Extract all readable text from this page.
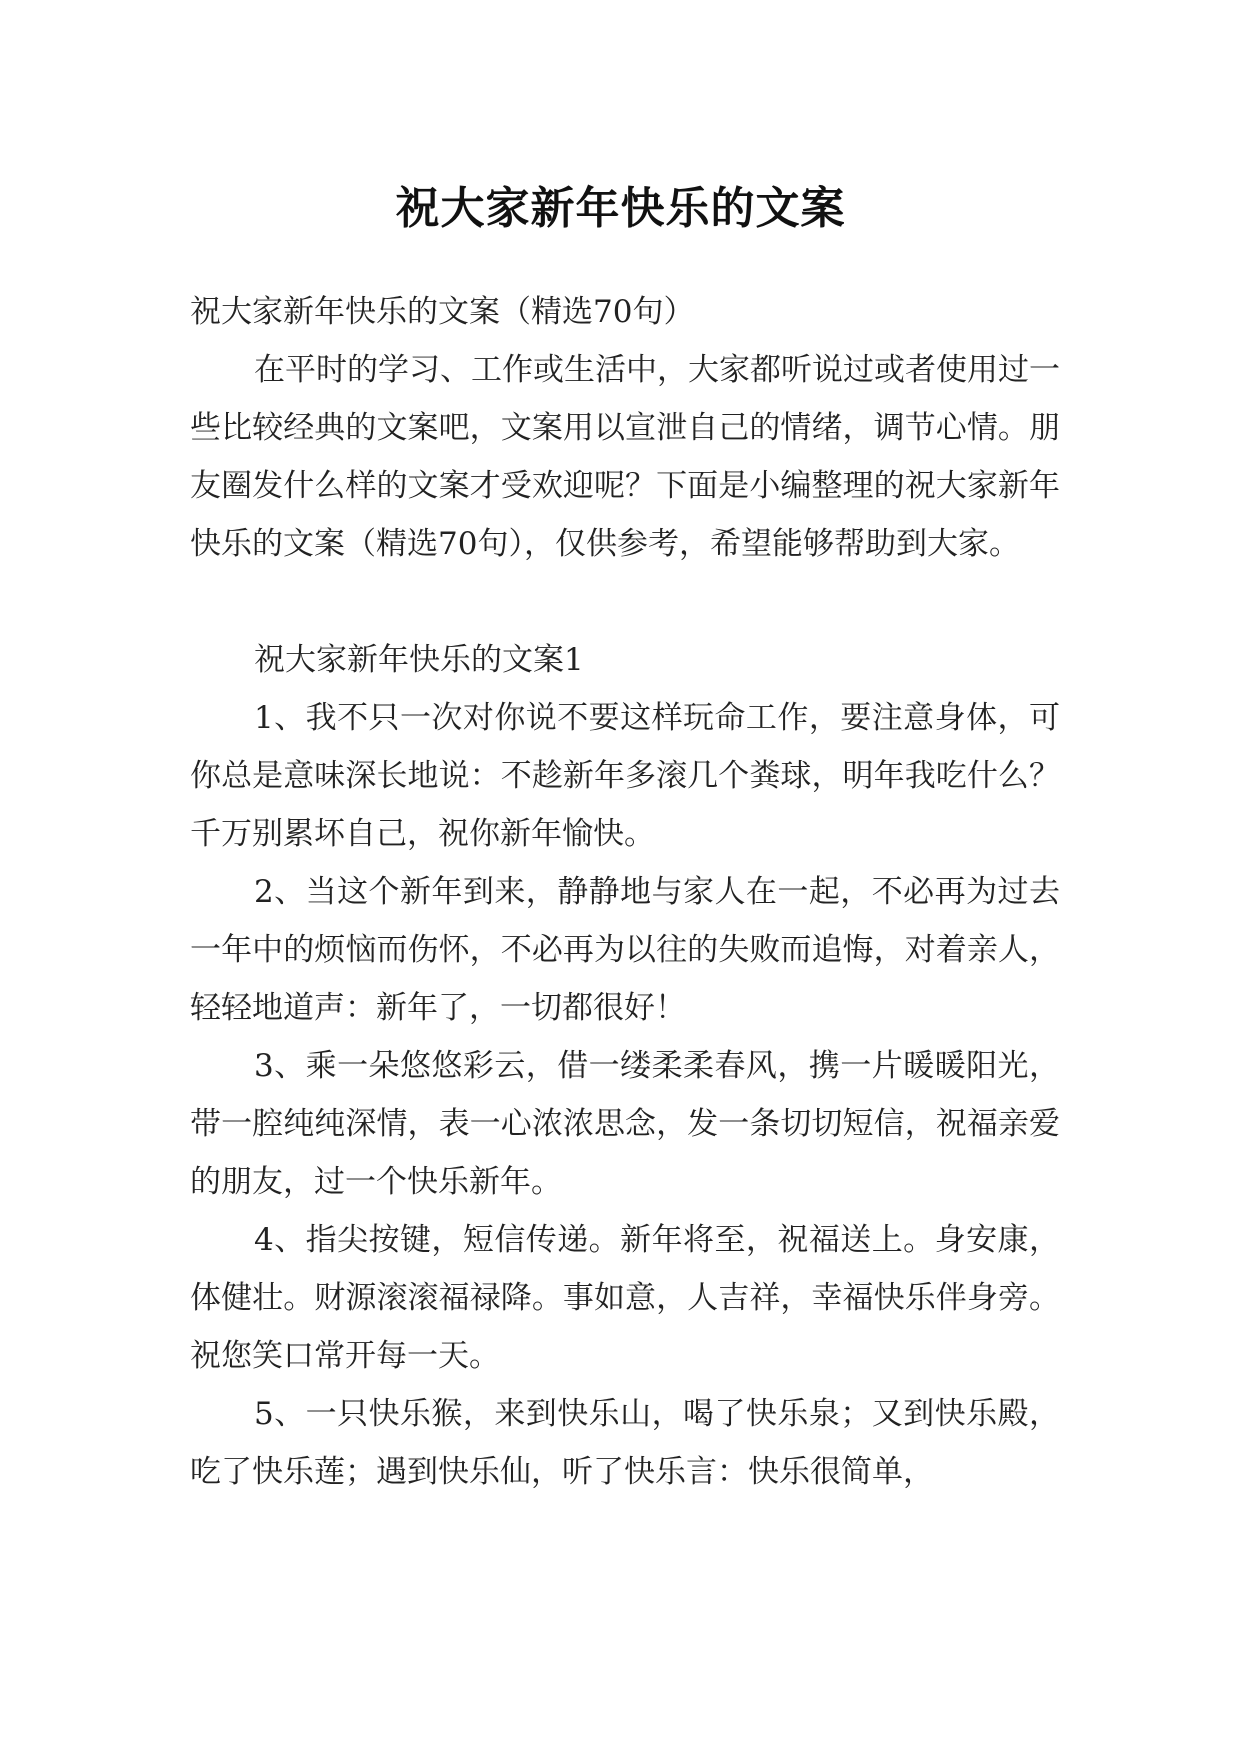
祝大家新年快乐的文案

祝大家新年快乐的文案（精选70句）

在平时的学习、工作或生活中，大家都听说过或者使用过一些比较经典的文案吧，文案用以宣泄自己的情绪，调节心情。朋友圈发什么样的文案才受欢迎呢？下面是小编整理的祝大家新年快乐的文案（精选70句），仅供参考，希望能够帮助到大家。

祝大家新年快乐的文案1

1、我不只一次对你说不要这样玩命工作，要注意身体，可你总是意味深长地说：不趁新年多滚几个粪球，明年我吃什么？千万别累坏自己，祝你新年愉快。

2、当这个新年到来，静静地与家人在一起，不必再为过去一年中的烦恼而伤怀，不必再为以往的失败而追悔，对着亲人，轻轻地道声：新年了，一切都很好！

3、乘一朵悠悠彩云，借一缕柔柔春风，携一片暖暖阳光，带一腔纯纯深情，表一心浓浓思念，发一条切切短信，祝福亲爱的朋友，过一个快乐新年。

4、指尖按键，短信传递。新年将至，祝福送上。身安康，体健壮。财源滚滚福禄降。事如意，人吉祥，幸福快乐伴身旁。祝您笑口常开每一天。

5、一只快乐猴，来到快乐山，喝了快乐泉；又到快乐殿，吃了快乐莲；遇到快乐仙，听了快乐言：快乐很简单，
